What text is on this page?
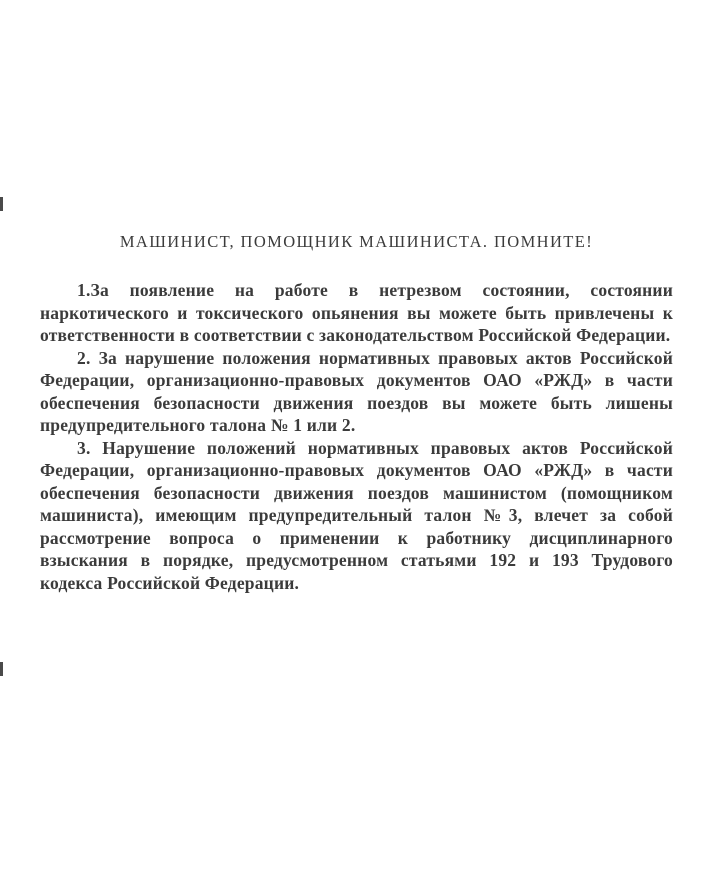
МАШИНИСТ, ПОМОЩНИК МАШИНИСТА. ПОМНИТЕ!

1.За появление на работе в нетрезвом состоянии, состоянии наркотического и токсического опьянения вы можете быть привлечены к ответственности в соответствии с законодательством Российской Федерации.

2. За нарушение положения нормативных правовых актов Российской Федерации, организационно-правовых документов ОАО «РЖД» в части обеспечения безопасности движения поездов вы можете быть лишены предупредительного талона № 1 или 2.

3. Нарушение положений нормативных правовых актов Российской Федерации, организационно-правовых документов ОАО «РЖД» в части обеспечения безопасности движения поездов машинистом (помощником машиниста), имеющим предупредительный талон №3, влечет за собой рассмотрение вопроса о применении к работнику дисциплинарного взыскания в порядке, предусмотренном статьями 192 и 193 Трудового кодекса Российской Федерации.
